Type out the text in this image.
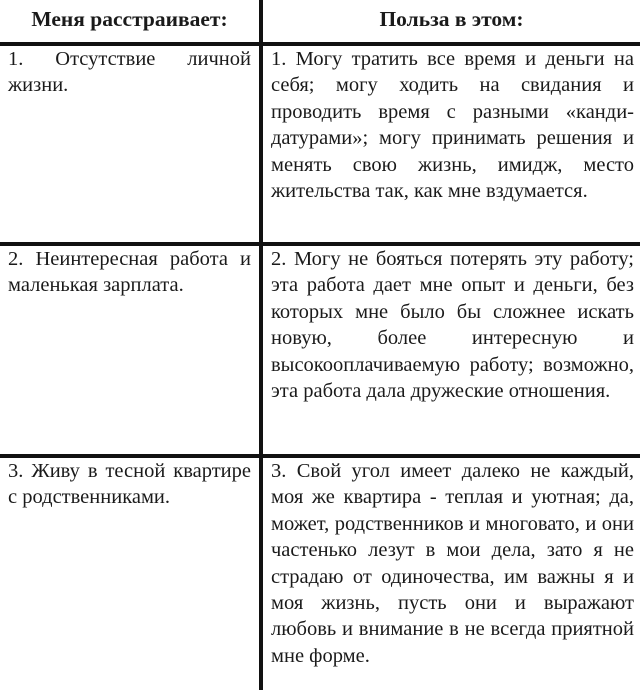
Меня расстраивает:	Польза в этом:

1. Отсутствие личной жизни.	1. Могу тратить все время и деньги на себя; могу ходить на свидания и проводить время с разными «кандидатурами»; могу принимать решения и менять свою жизнь, имидж, место жительства так, как мне вздумается.

2. Неинтересная работа и маленькая зарплата.	2. Могу не бояться потерять эту работу; эта работа дает мне опыт и деньги, без которых мне было бы сложнее искать новую, более интересную и высокооплачиваемую работу; возможно, эта работа дала дружеские отношения.

3. Живу в тесной квартире с родственниками.	3. Свой угол имеет далеко не каждый, моя же квартира - теплая и уютная; да, может, родственников и многовато, и они частенько лезут в мои дела, зато я не страдаю от одиночества, им важны я и моя жизнь, пусть они и выражают любовь и внимание в не всегда приятной мне форме.
